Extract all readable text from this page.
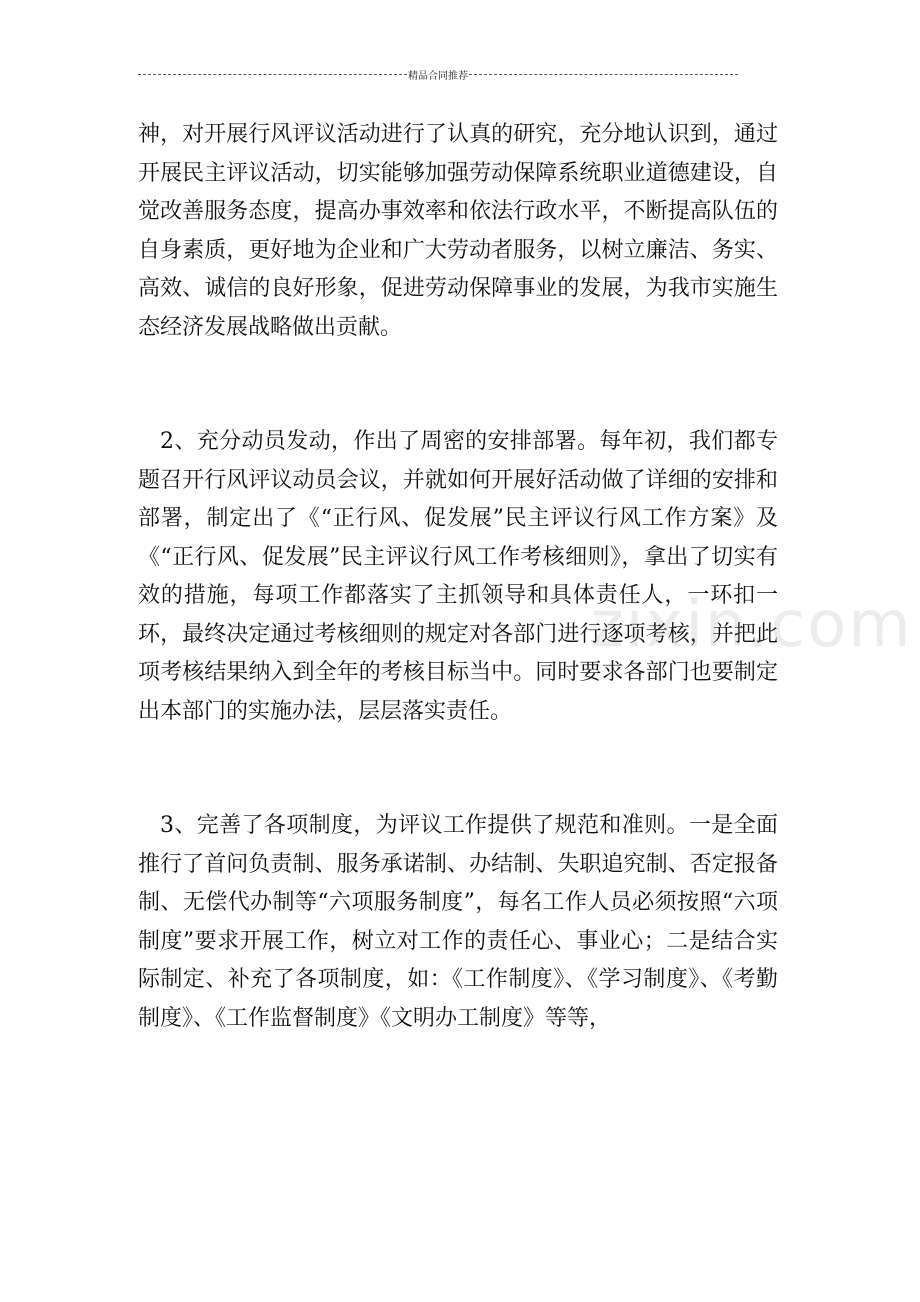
精品合同推荐

神，对开展行风评议活动进行了认真的研究，充分地认识到，通过开展民主评议活动，切实能够加强劳动保障系统职业道德建设，自觉改善服务态度，提高办事效率和依法行政水平，不断提高队伍的自身素质，更好地为企业和广大劳动者服务，以树立廉洁、务实、高效、诚信的良好形象，促进劳动保障事业的发展，为我市实施生态经济发展战略做出贡献。

2、充分动员发动，作出了周密的安排部署。每年初，我们都专题召开行风评议动员会议，并就如何开展好活动做了详细的安排和部署，制定出了《“正行风、促发展”民主评议行风工作方案》及《“正行风、促发展”民主评议行风工作考核细则》，拿出了切实有效的措施，每项工作都落实了主抓领导和具体责任人，一环扣一环，最终决定通过考核细则的规定对各部门进行逐项考核，并把此项考核结果纳入到全年的考核目标当中。同时要求各部门也要制定出本部门的实施办法，层层落实责任。

3、完善了各项制度，为评议工作提供了规范和准则。一是全面推行了首问负责制、服务承诺制、办结制、失职追究制、否定报备制、无偿代办制等“六项服务制度”，每名工作人员必须按照“六项制度”要求开展工作，树立对工作的责任心、事业心；二是结合实际制定、补充了各项制度，如：《工作制度》、《学习制度》、《考勤制度》、《工作监督制度》《文明办工制度》等等，

zixin.com
